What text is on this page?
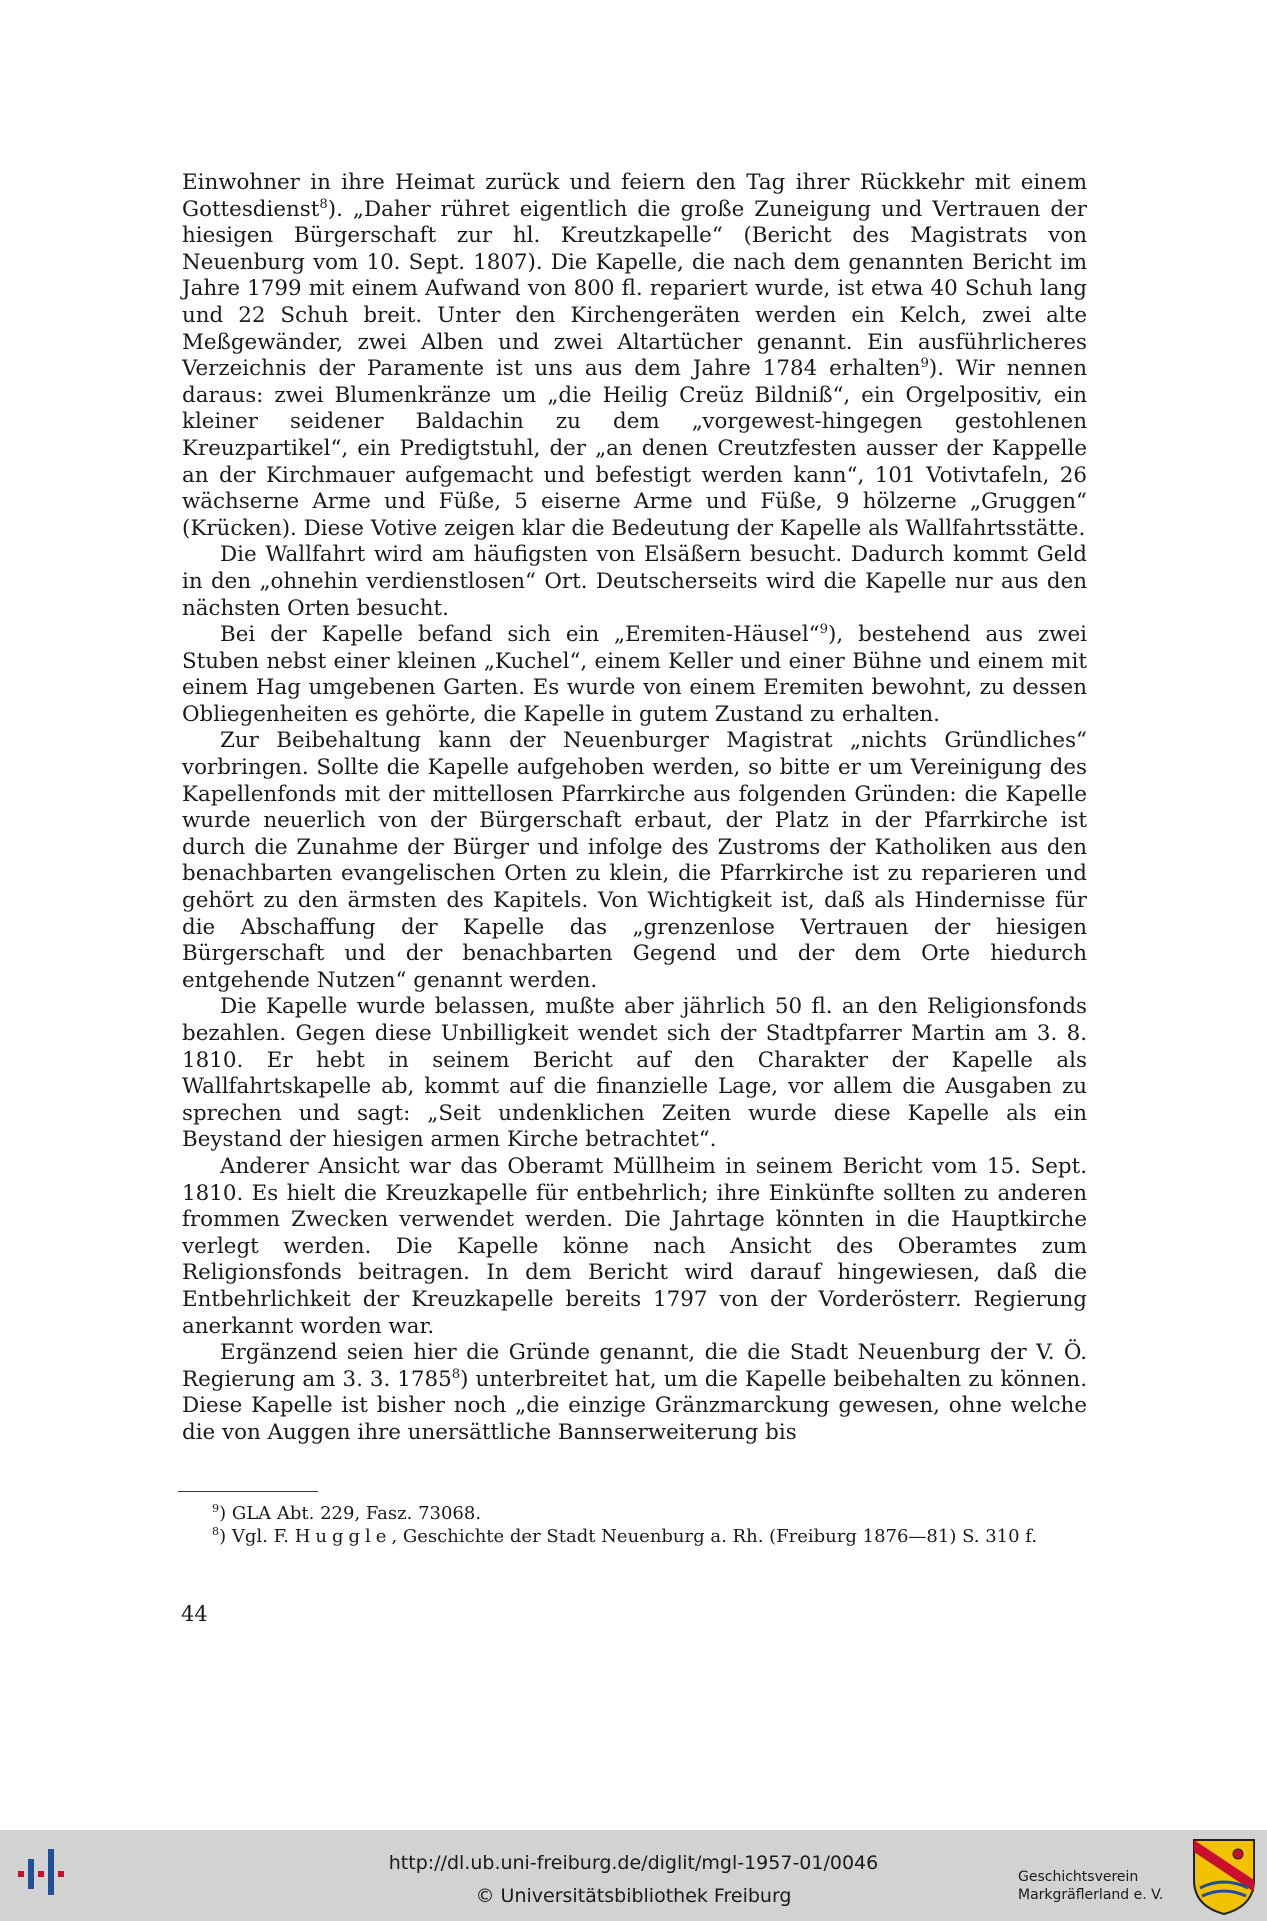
Einwohner in ihre Heimat zurück und feiern den Tag ihrer Rückkehr mit einem Gottesdienst$^8$). „Daher rühret eigentlich die große Zuneigung und Vertrauen der hiesigen Bürgerschaft zur hl. Kreutzkapelle“ (Bericht des Magistrats von Neuenburg vom 10. Sept. 1807). Die Kapelle, die nach dem genannten Bericht im Jahre 1799 mit einem Aufwand von 800 fl. repariert wurde, ist etwa 40 Schuh lang und 22 Schuh breit. Unter den Kirchengeräten werden ein Kelch, zwei alte Meßgewänder, zwei Alben und zwei Altartücher genannt. Ein ausführlicheres Verzeichnis der Paramente ist uns aus dem Jahre 1784 erhalten$^9$). Wir nennen daraus: zwei Blumenkränze um „die Heilig Creüz Bildniß“, ein Orgelpositiv, ein kleiner seidener Baldachin zu dem „vorgewest-hingegen gestohlenen Kreuzpartikel“, ein Predigtstuhl, der „an denen Creutzfesten ausser der Kappelle an der Kirchmauer aufgemacht und befestigt werden kann“, 101 Votivtafeln, 26 wächserne Arme und Füße, 5 eiserne Arme und Füße, 9 hölzerne „Gruggen“ (Krücken). Diese Votive zeigen klar die Bedeutung der Kapelle als Wallfahrtsstätte.

Die Wallfahrt wird am häufigsten von Elsäßern besucht. Dadurch kommt Geld in den „ohnehin verdienstlosen“ Ort. Deutscherseits wird die Kapelle nur aus den nächsten Orten besucht.

Bei der Kapelle befand sich ein „Eremiten-Häusel“$^9$), bestehend aus zwei Stuben nebst einer kleinen „Kuchel“, einem Keller und einer Bühne und einem mit einem Hag umgebenen Garten. Es wurde von einem Eremiten bewohnt, zu dessen Obliegenheiten es gehörte, die Kapelle in gutem Zustand zu erhalten.

Zur Beibehaltung kann der Neuenburger Magistrat „nichts Gründliches“ vorbringen. Sollte die Kapelle aufgehoben werden, so bitte er um Vereinigung des Kapellenfonds mit der mittellosen Pfarrkirche aus folgenden Gründen: die Kapelle wurde neuerlich von der Bürgerschaft erbaut, der Platz in der Pfarrkirche ist durch die Zunahme der Bürger und infolge des Zustroms der Katholiken aus den benachbarten evangelischen Orten zu klein, die Pfarrkirche ist zu reparieren und gehört zu den ärmsten des Kapitels. Von Wichtigkeit ist, daß als Hindernisse für die Abschaffung der Kapelle das „grenzenlose Vertrauen der hiesigen Bürgerschaft und der benachbarten Gegend und der dem Orte hiedurch entgehende Nutzen“ genannt werden.

Die Kapelle wurde belassen, mußte aber jährlich 50 fl. an den Religionsfonds bezahlen. Gegen diese Unbilligkeit wendet sich der Stadtpfarrer Martin am 3. 8. 1810. Er hebt in seinem Bericht auf den Charakter der Kapelle als Wallfahrtskapelle ab, kommt auf die finanzielle Lage, vor allem die Ausgaben zu sprechen und sagt: „Seit undenklichen Zeiten wurde diese Kapelle als ein Beystand der hiesigen armen Kirche betrachtet“.

Anderer Ansicht war das Oberamt Müllheim in seinem Bericht vom 15. Sept. 1810. Es hielt die Kreuzkapelle für entbehrlich; ihre Einkünfte sollten zu anderen frommen Zwecken verwendet werden. Die Jahrtage könnten in die Hauptkirche verlegt werden. Die Kapelle könne nach Ansicht des Oberamtes zum Religionsfonds beitragen. In dem Bericht wird darauf hingewiesen, daß die Entbehrlichkeit der Kreuzkapelle bereits 1797 von der Vorderösterr. Regierung anerkannt worden war.

Ergänzend seien hier die Gründe genannt, die die Stadt Neuenburg der V. Ö. Regierung am 3. 3. 1785$^8$) unterbreitet hat, um die Kapelle beibehalten zu können. Diese Kapelle ist bisher noch „die einzige Gränzmarckung gewesen, ohne welche die von Auggen ihre unersättliche Bannserweiterung bis

$^9$) GLA Abt. 229, Fasz. 73068.

$^8$) Vgl. F. Huggle, Geschichte der Stadt Neuenburg a. Rh. (Freiburg 1876—81) S. 310 f.

44
http://dl.ub.uni-freiburg.de/diglit/mgl-1957-01/0046
© Universitätsbibliothek Freiburg
Geschichtsverein
Markgräflerland e. V.
